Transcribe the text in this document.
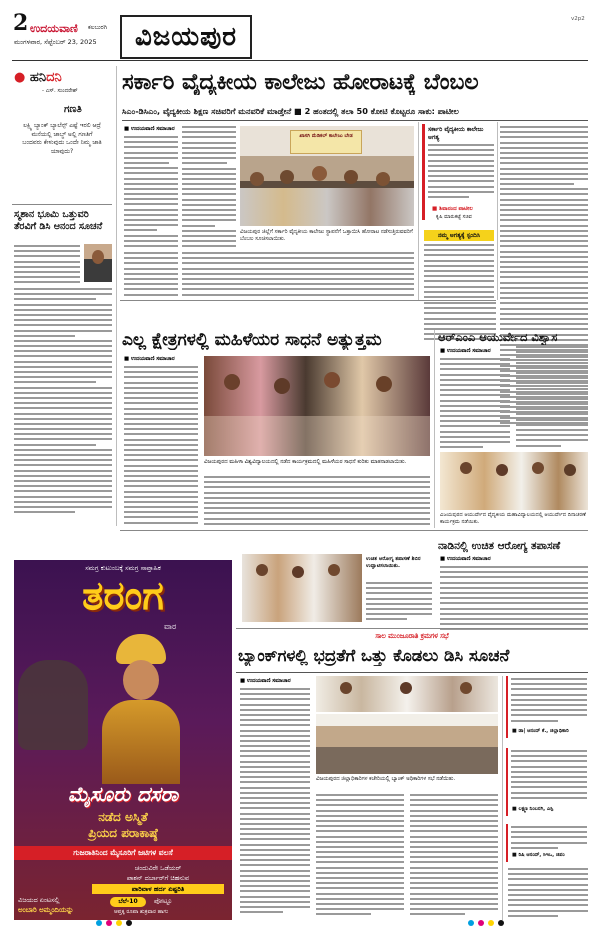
2 ಉದಯವಾಣಿ ಕಲಬುರಗಿ
ಮಂಗಳವಾರ, ಸೆಪ್ಟೆಂಬರ್ 23, 2025	ವಿಜಯಪುರ
v2p2
● ಹನಿದನಿ
- ಎಸ್. ಸುಂದರೇಶ್
ಗಣತಿ
ಲಕ್ಷ್ಮಿ ಬ್ಯಾಂಕ್ ಬ್ಯಾಲೆನ್ಸ್ ಎಷ್ಟೆ ಇರಲಿ ಆದ್ರೆ ಮನೆಯಲ್ಲಿ ಜಾಬ್ಜ್ ಅಲ್ಲಿ ಗಣತಿಗೆ ಬಂದವರು ಕೇಳುವುದು ಒಂದೇ ನಿಮ್ಮ ಜಾತಿ ಯಾವುದು?
ಸ್ಮಶಾನ ಭೂಮಿ ಒತ್ತುವರಿ ತೆರವಿಗೆ ಡಿಸಿ ಆನಂದ ಸೂಚನೆ
ಸರ್ಕಾರಿ ವೈದ್ಯಕೀಯ ಕಾಲೇಜು ಹೋರಾಟಕ್ಕೆ ಬೆಂಬಲ
ಸಿಎಂ-ಡಿಸಿಎಂ, ವೈದ್ಯಕೀಯ ಶಿಕ್ಷಣ ಸಚಿವರಿಗೆ ಮನವರಿಕೆ ಮಾಡ್ತೇನೆ ■ 2 ಹಂತದಲ್ಲಿ ತಲಾ 50 ಕೋಟಿ ಕೊಟ್ಟರೂ ಸಾಕು: ಪಾಟೀಲ
■ ಉದಯವಾಣಿ ಸಮಾಚಾರ
ಖಾಸಗಿ ಮೆಡಿಕಲ್ ಕಾಲೇಜು ಬೇಡ
ವಿಜಯಪುರ ಜಿಲ್ಲೆಗೆ ಸರ್ಕಾರಿ ವೈದ್ಯಕೀಯ ಕಾಲೇಜು ಸ್ಥಾಪನೆಗೆ ಒತ್ತಾಯಿಸಿ ಹೋರಾಟ ನಡೆಸುತ್ತಿರುವವರಿಗೆ ಬೆಂಬಲ ಸೂಚಿಸಲಾಯಿತು.
ಸರ್ಕಾರಿ ವೈದ್ಯಕೀಯ ಕಾಲೇಜು ಅಗತ್ಯ
■ ಶಿವಾನಂದ ಪಾಟೀಲ
ಕೃಷಿ ಮಾರುಕಟ್ಟೆ ಸಚಿವ
ನಮ್ಮ ಅಗತ್ಯಕ್ಕೆ ಸ್ಪಂದಿಸಿ
ಎಲ್ಲ ಕ್ಷೇತ್ರಗಳಲ್ಲಿ ಮಹಿಳೆಯರ ಸಾಧನೆ ಅತ್ಯುತ್ತಮ
■ ಉದಯವಾಣಿ ಸಮಾಚಾರ
ವಿಜಯಪುರದ ಮಹಿಳಾ ವಿಶ್ವವಿದ್ಯಾಲಯದಲ್ಲಿ ನಡೆದ ಕಾರ್ಯಕ್ರಮದಲ್ಲಿ ಮಹಿಳೆಯರ ಸಾಧನೆ ಕುರಿತು ಮಾತನಾಡಲಾಯಿತು.
ಆರ್‌ಎಂಎ ಆಯುರ್ವೇದ ವಿಶ್ವಾಸ
■ ಉದಯವಾಣಿ ಸಮಾಚಾರ
ವಿಜಯಪುರದ ಆಯುರ್ವೇದ ವೈದ್ಯಕೀಯ ಮಹಾವಿದ್ಯಾಲಯದಲ್ಲಿ ಆಯುರ್ವೇದ ದಿನಾಚರಣೆ ಕಾರ್ಯಕ್ರಮ ನಡೆಯಿತು.
ನಾಡಿನಲ್ಲಿ ಉಚಿತ ಆರೋಗ್ಯ ತಪಾಸಣೆ
■ ಉದಯವಾಣಿ ಸಮಾಚಾರ
ಉಚಿತ ಆರೋಗ್ಯ ತಪಾಸಣೆ ಶಿಬಿರ ಉದ್ಘಾಟಿಸಲಾಯಿತು.
ಸಮಗ್ರ ಕುಟುಂಬಕ್ಕೆ ಸಮಗ್ರ ಸಾಪ್ತಾಹಿಕ
ತರಂಗ
ವಾರ
ಮೈಸೂರು ದಸರಾ
ನಡೆದ ಅಸ್ಮಿತೆ
ಪ್ರಿಯದ ಪರಾಕಾಷ್ಠೆ
ಗುಜರಾತಿನಿಂದ ಮೈಸೂರಿಗೆ ಜಟಿಗಳ ವಲಸೆ
ಚಂದುವಿರೇ ಒಡೆಯರ್
ಪಾಶನ್ ದರ್ಬಾರ್‌ಗೆ ಚಿಹನುವ
ಪಾರಿವಾಳ ಹರ್ದ ಏಷ್ಟರಿತಿ
ವಿಜಯದ ಏಂಟಸಲ್ಲಿ
ಅಂಬಾರಿ ಅಮ್ಮಂದಿಯನ್ನು
ಬೆಲೆ-10	ಪೋಟ್ಟೂ
ಆಪ್ತಕ್ಕ ರೂಪಾ ಶುಕ್ರವಾರ ಹಾಗು
ಸಾಲ ಮುಂಜೂರಾತಿ ಕ್ರಮಗಳ ಸಭೆ
ಬ್ಯಾಂಕ್‌ಗಳಲ್ಲಿ ಭದ್ರತೆಗೆ ಒತ್ತು ಕೊಡಲು ಡಿಸಿ ಸೂಚನೆ
■ ಉದಯವಾಣಿ ಸಮಾಚಾರ
ವಿಜಯಪುರದ ಜಿಲ್ಲಾಧಿಕಾರಿಗಳ ಕಚೇರಿಯಲ್ಲಿ ಬ್ಯಾಂಕ್ ಅಧಿಕಾರಿಗಳ ಸಭೆ ನಡೆಯಿತು.
■ ಡಾ| ಆನಂದ್ ಕೆ., ಜಿಲ್ಲಾಧಿಕಾರಿ
■ ಲಕ್ಷ್ಮಣ ನಿಂಬರಗಿ, ಎಸ್ಪಿ
■ ರಿಷಿ ಆನಂದ್, ಸಿಇಒ, ಜಿಪಂ
